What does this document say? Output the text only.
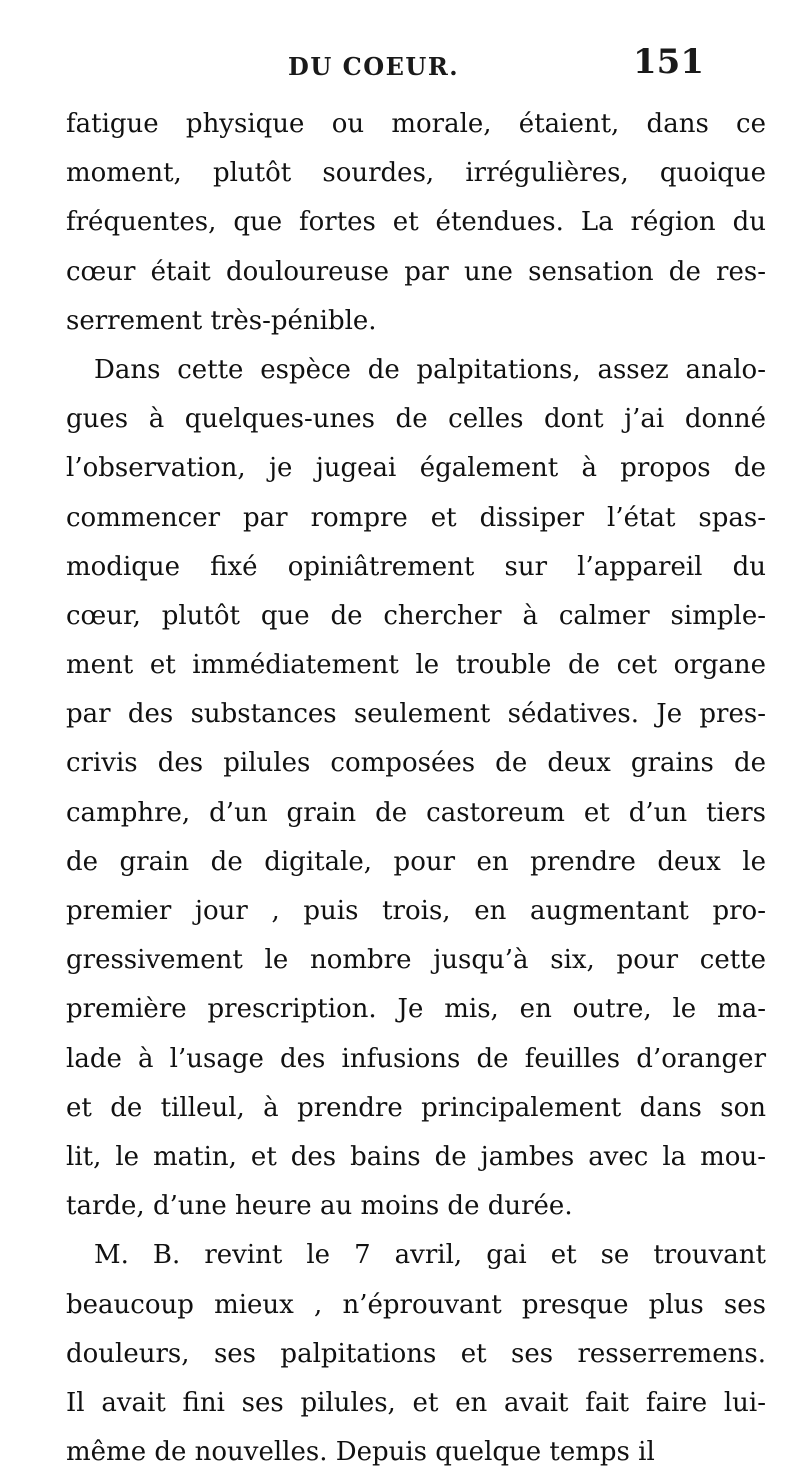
DU COEUR.	151
fatigue physique ou morale, étaient, dans ce
moment, plutôt sourdes, irrégulières, quoique
fréquentes, que fortes et étendues. La région du
cœur était douloureuse par une sensation de res-
serrement très-pénible.
Dans cette espèce de palpitations, assez analo-
gues à quelques-unes de celles dont j’ai donné
l’observation, je jugeai également à propos de
commencer par rompre et dissiper l’état spas-
modique fixé opiniâtrement sur l’appareil du
cœur, plutôt que de chercher à calmer simple-
ment et immédiatement le trouble de cet organe
par des substances seulement sédatives. Je pres-
crivis des pilules composées de deux grains de
camphre, d’un grain de castoreum et d’un tiers
de grain de digitale, pour en prendre deux le
premier jour , puis trois, en augmentant pro-
gressivement le nombre jusqu’à six, pour cette
première prescription. Je mis, en outre, le ma-
lade à l’usage des infusions de feuilles d’oranger
et de tilleul, à prendre principalement dans son
lit, le matin, et des bains de jambes avec la mou-
tarde, d’une heure au moins de durée.
M. B. revint le 7 avril, gai et se trouvant
beaucoup mieux , n’éprouvant presque plus ses
douleurs, ses palpitations et ses resserremens.
Il avait fini ses pilules, et en avait fait faire lui-
même de nouvelles. Depuis quelque temps il
